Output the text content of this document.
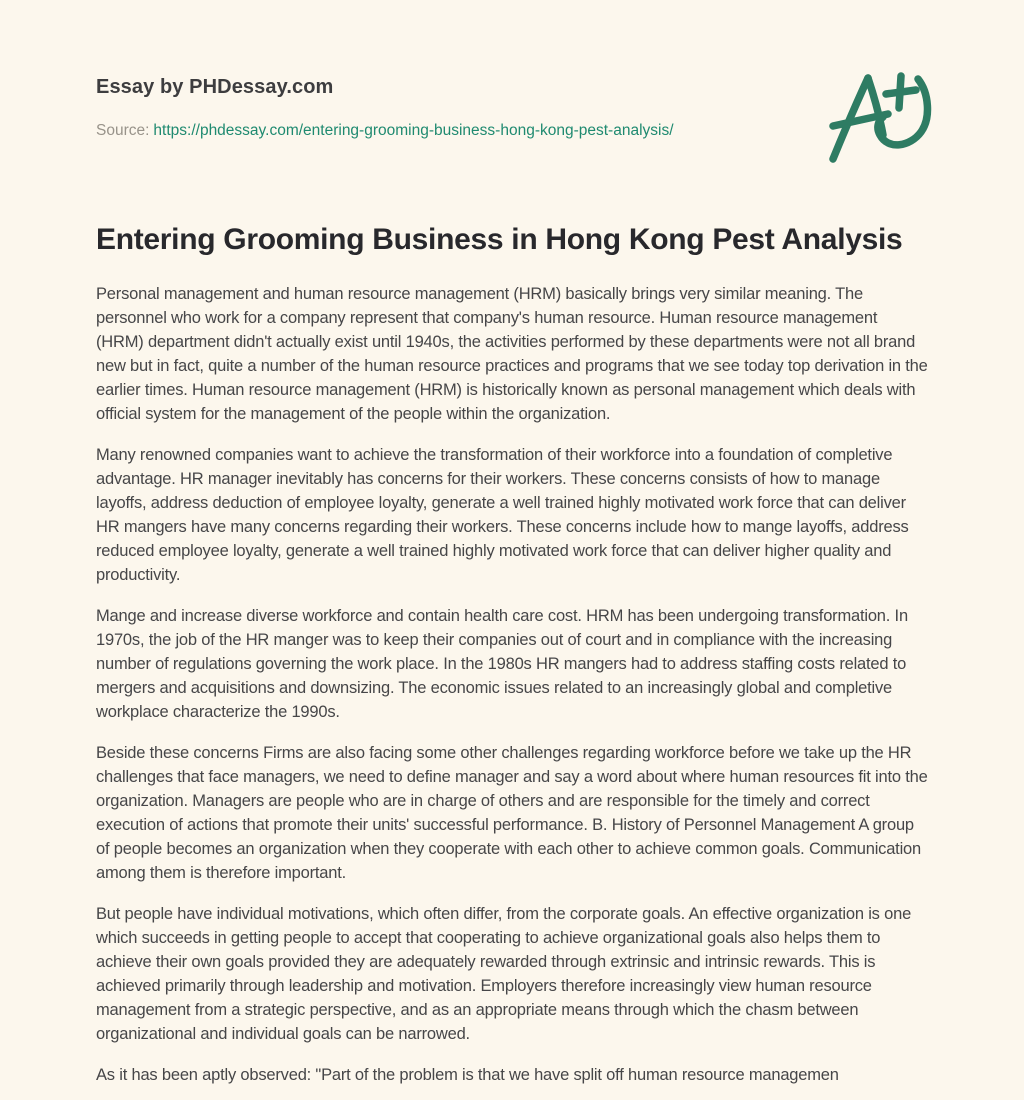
Essay by PHDessay.com

Source: https://phdessay.com/entering-grooming-business-hong-kong-pest-analysis/

Entering Grooming Business in Hong Kong Pest Analysis

Personal management and human resource management (HRM) basically brings very similar meaning. The personnel who work for a company represent that company's human resource. Human resource management (HRM) department didn't actually exist until 1940s, the activities performed by these departments were not all brand new but in fact, quite a number of the human resource practices and programs that we see today top derivation in the earlier times. Human resource management (HRM) is historically known as personal management which deals with official system for the management of the people within the organization.

Many renowned companies want to achieve the transformation of their workforce into a foundation of completive advantage. HR manager inevitably has concerns for their workers. These concerns consists of how to manage layoffs, address deduction of employee loyalty, generate a well trained highly motivated work force that can deliver HR mangers have many concerns regarding their workers. These concerns include how to mange layoffs, address reduced employee loyalty, generate a well trained highly motivated work force that can deliver higher quality and productivity.

Mange and increase diverse workforce and contain health care cost. HRM has been undergoing transformation. In 1970s, the job of the HR manger was to keep their companies out of court and in compliance with the increasing number of regulations governing the work place. In the 1980s HR mangers had to address staffing costs related to mergers and acquisitions and downsizing. The economic issues related to an increasingly global and completive workplace characterize the 1990s.

Beside these concerns Firms are also facing some other challenges regarding workforce before we take up the HR challenges that face managers, we need to define manager and say a word about where human resources fit into the organization. Managers are people who are in charge of others and are responsible for the timely and correct execution of actions that promote their units' successful performance. B. History of Personnel Management A group of people becomes an organization when they cooperate with each other to achieve common goals. Communication among them is therefore important.

But people have individual motivations, which often differ, from the corporate goals. An effective organization is one which succeeds in getting people to accept that cooperating to achieve organizational goals also helps them to achieve their own goals provided they are adequately rewarded through extrinsic and intrinsic rewards. This is achieved primarily through leadership and motivation. Employers therefore increasingly view human resource management from a strategic perspective, and as an appropriate means through which the chasm between organizational and individual goals can be narrowed.

As it has been aptly observed: "Part of the problem is that we have split off human resource managemen
